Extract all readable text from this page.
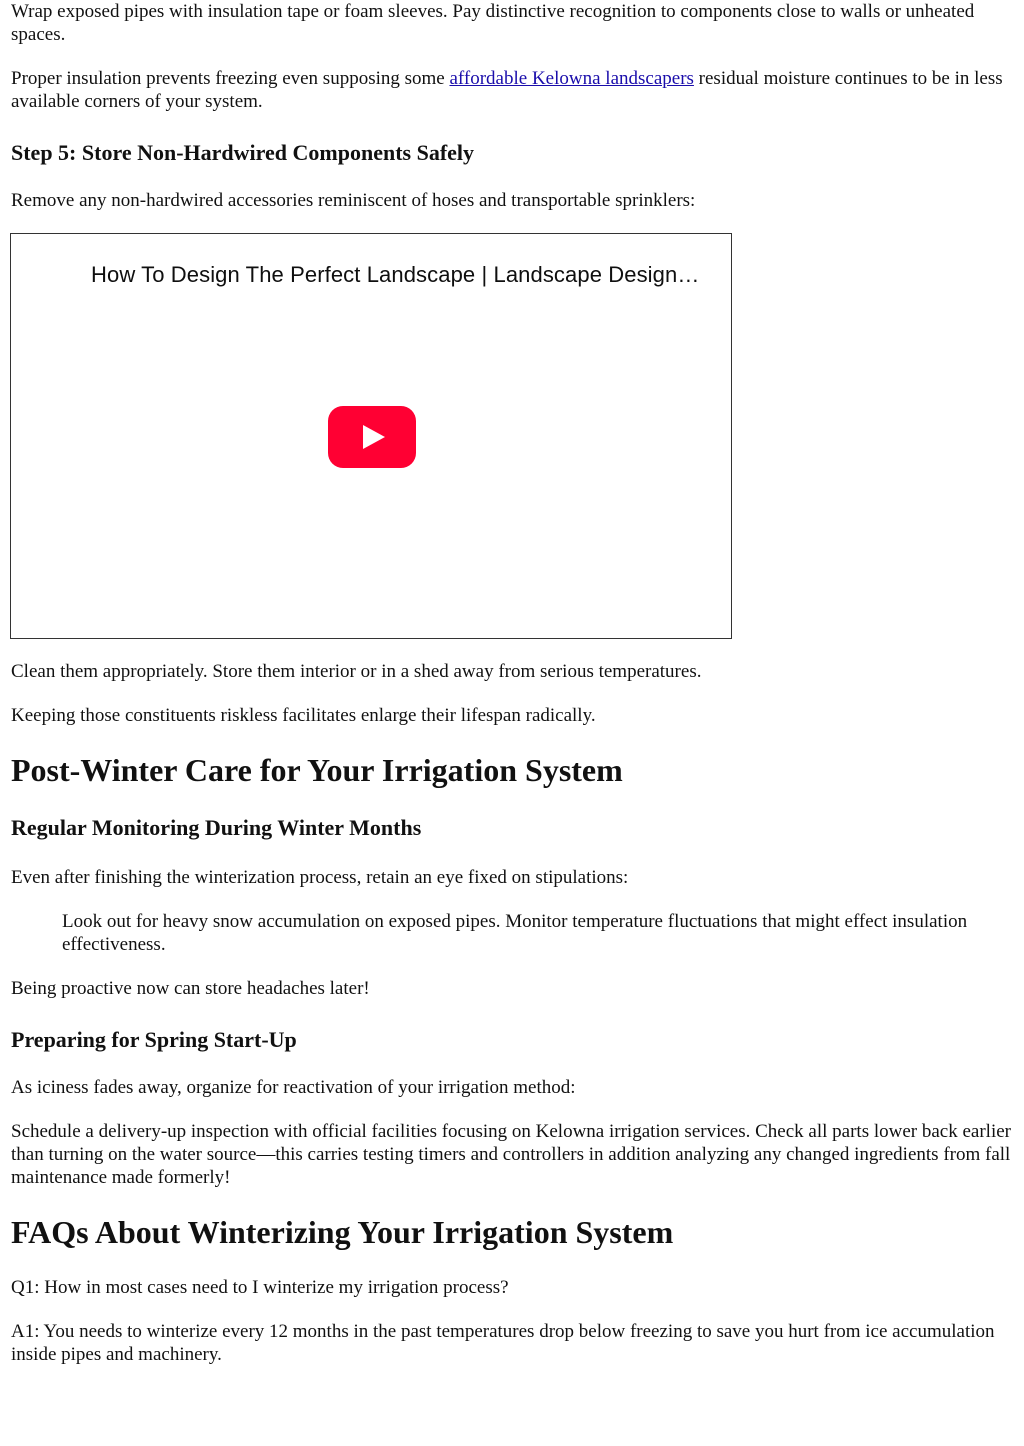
Wrap exposed pipes with insulation tape or foam sleeves. Pay distinctive recognition to components close to walls or unheated spaces.

Proper insulation prevents freezing even supposing some affordable Kelowna landscapers residual moisture continues to be in less available corners of your system.

Step 5: Store Non-Hardwired Components Safely

Remove any non-hardwired accessories reminiscent of hoses and transportable sprinklers:

How To Design The Perfect Landscape | Landscape Design…

Clean them appropriately. Store them interior or in a shed away from serious temperatures.

Keeping those constituents riskless facilitates enlarge their lifespan radically.

Post-Winter Care for Your Irrigation System
Regular Monitoring During Winter Months

Even after finishing the winterization process, retain an eye fixed on stipulations:

Look out for heavy snow accumulation on exposed pipes. Monitor temperature fluctuations that might effect insulation effectiveness.

Being proactive now can store headaches later!

Preparing for Spring Start-Up

As iciness fades away, organize for reactivation of your irrigation method:

Schedule a delivery-up inspection with official facilities focusing on Kelowna irrigation services. Check all parts lower back earlier than turning on the water source—this carries testing timers and controllers in addition analyzing any changed ingredients from fall maintenance made formerly!

FAQs About Winterizing Your Irrigation System

Q1: How in most cases need to I winterize my irrigation process?

A1: You needs to winterize every 12 months in the past temperatures drop below freezing to save you hurt from ice accumulation inside pipes and machinery.
